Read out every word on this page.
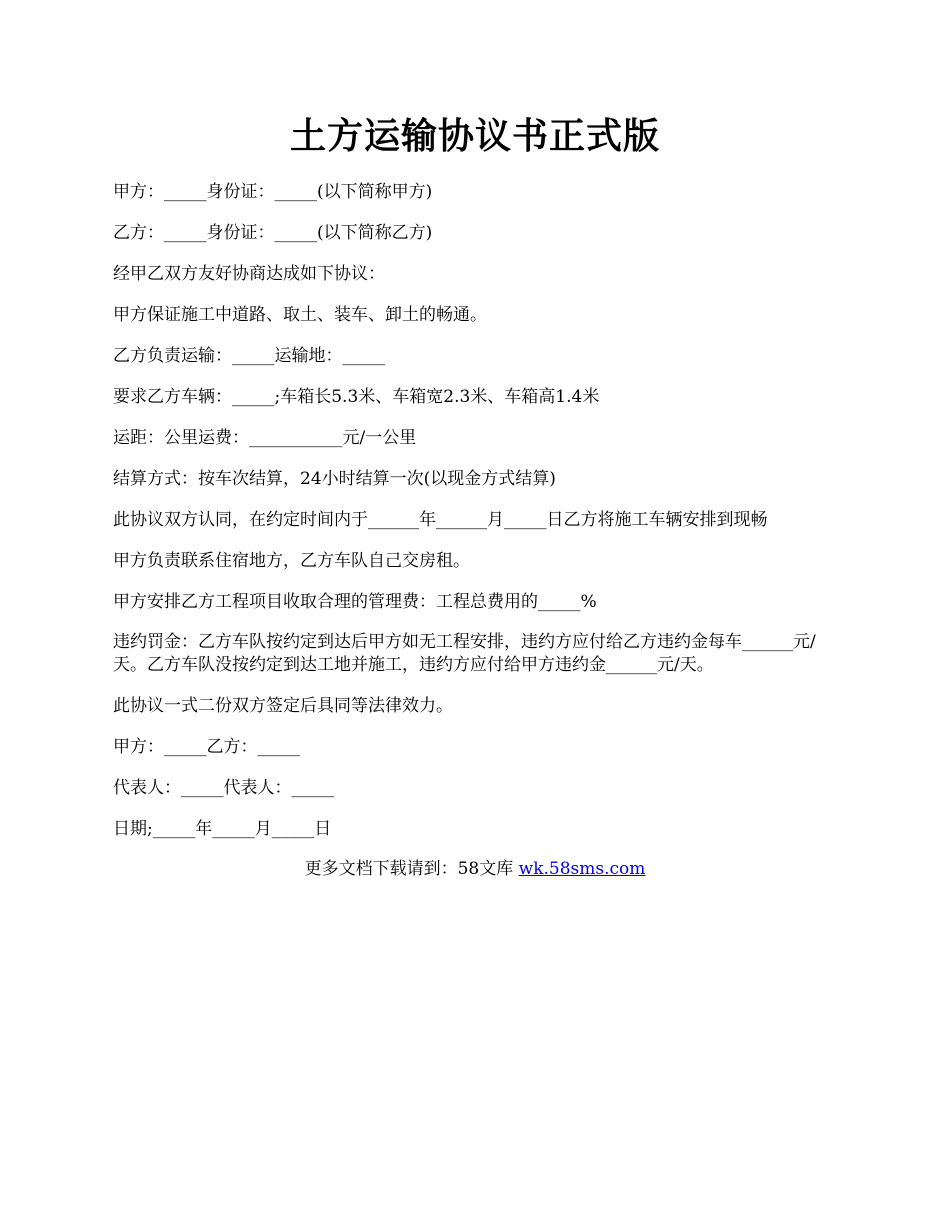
土方运输协议书正式版

甲方：_____身份证：_____(以下简称甲方)

乙方：_____身份证：_____(以下简称乙方)

经甲乙双方友好协商达成如下协议：

甲方保证施工中道路、取土、装车、卸土的畅通。

乙方负责运输：_____运输地：_____

要求乙方车辆：_____;车箱长5.3米、车箱宽2.3米、车箱高1.4米

运距：公里运费：___________元/一公里

结算方式：按车次结算，24小时结算一次(以现金方式结算)

此协议双方认同，在约定时间内于______年______月_____日乙方将施工车辆安排到现畅

甲方负责联系住宿地方，乙方车队自己交房租。

甲方安排乙方工程项目收取合理的管理费：工程总费用的_____%

违约罚金：乙方车队按约定到达后甲方如无工程安排，违约方应付给乙方违约金每车______元/天。乙方车队没按约定到达工地并施工，违约方应付给甲方违约金______元/天。

此协议一式二份双方签定后具同等法律效力。

甲方：_____乙方：_____

代表人：_____代表人：_____

日期;_____年_____月_____日

更多文档下载请到：58文库 wk.58sms.com
